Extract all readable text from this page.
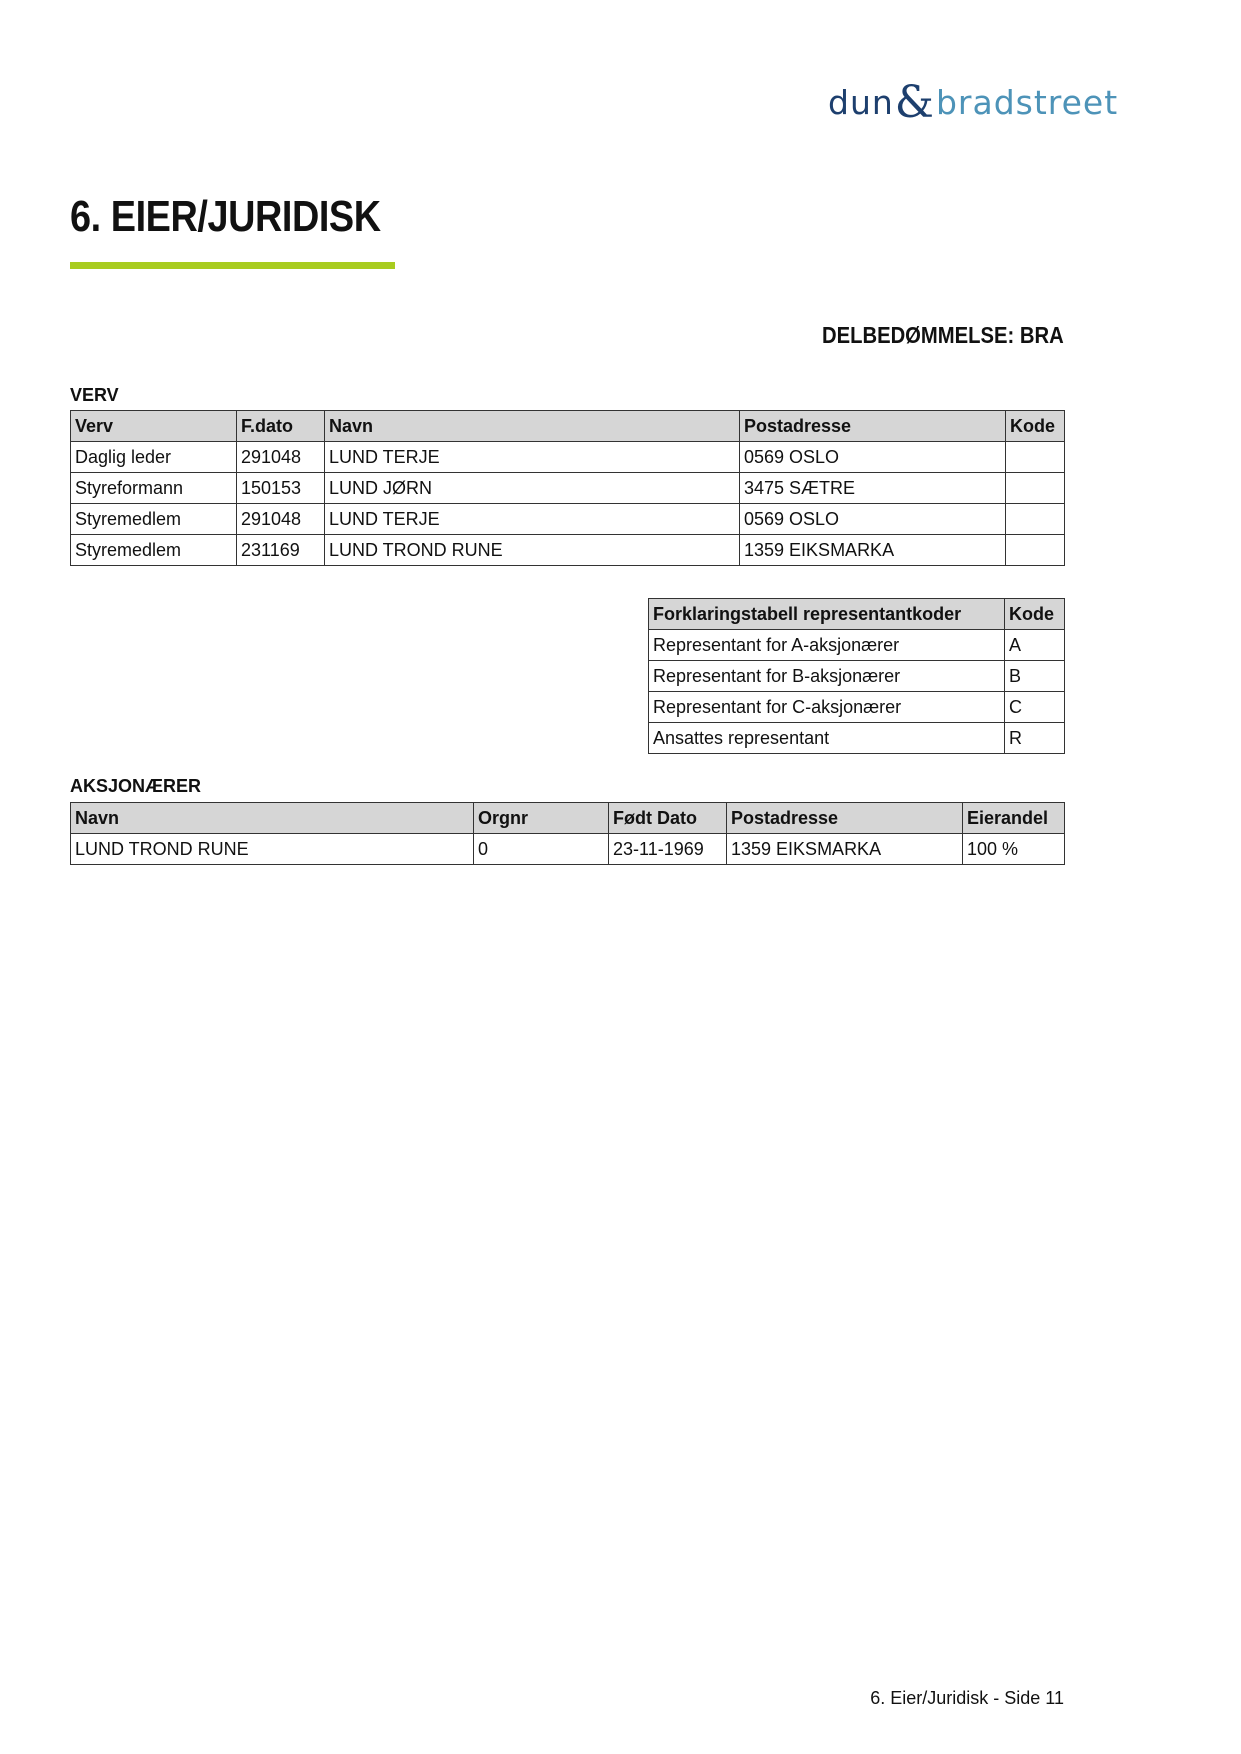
dun & bradstreet
6. EIER/JURIDISK
DELBEDØMMELSE: BRA
VERV
Verv	F.dato	Navn	Postadresse	Kode
Daglig leder	291048	LUND TERJE	0569 OSLO	
Styreformann	150153	LUND JØRN	3475 SÆTRE	
Styremedlem	291048	LUND TERJE	0569 OSLO	
Styremedlem	231169	LUND TROND RUNE	1359 EIKSMARKA	
Forklaringstabell representantkoder	Kode
Representant for A-aksjonærer	A
Representant for B-aksjonærer	B
Representant for C-aksjonærer	C
Ansattes representant	R
AKSJONÆRER
Navn	Orgnr	Født Dato	Postadresse	Eierandel
LUND TROND RUNE	0	23-11-1969	1359 EIKSMARKA	100 %
6. Eier/Juridisk - Side 11
